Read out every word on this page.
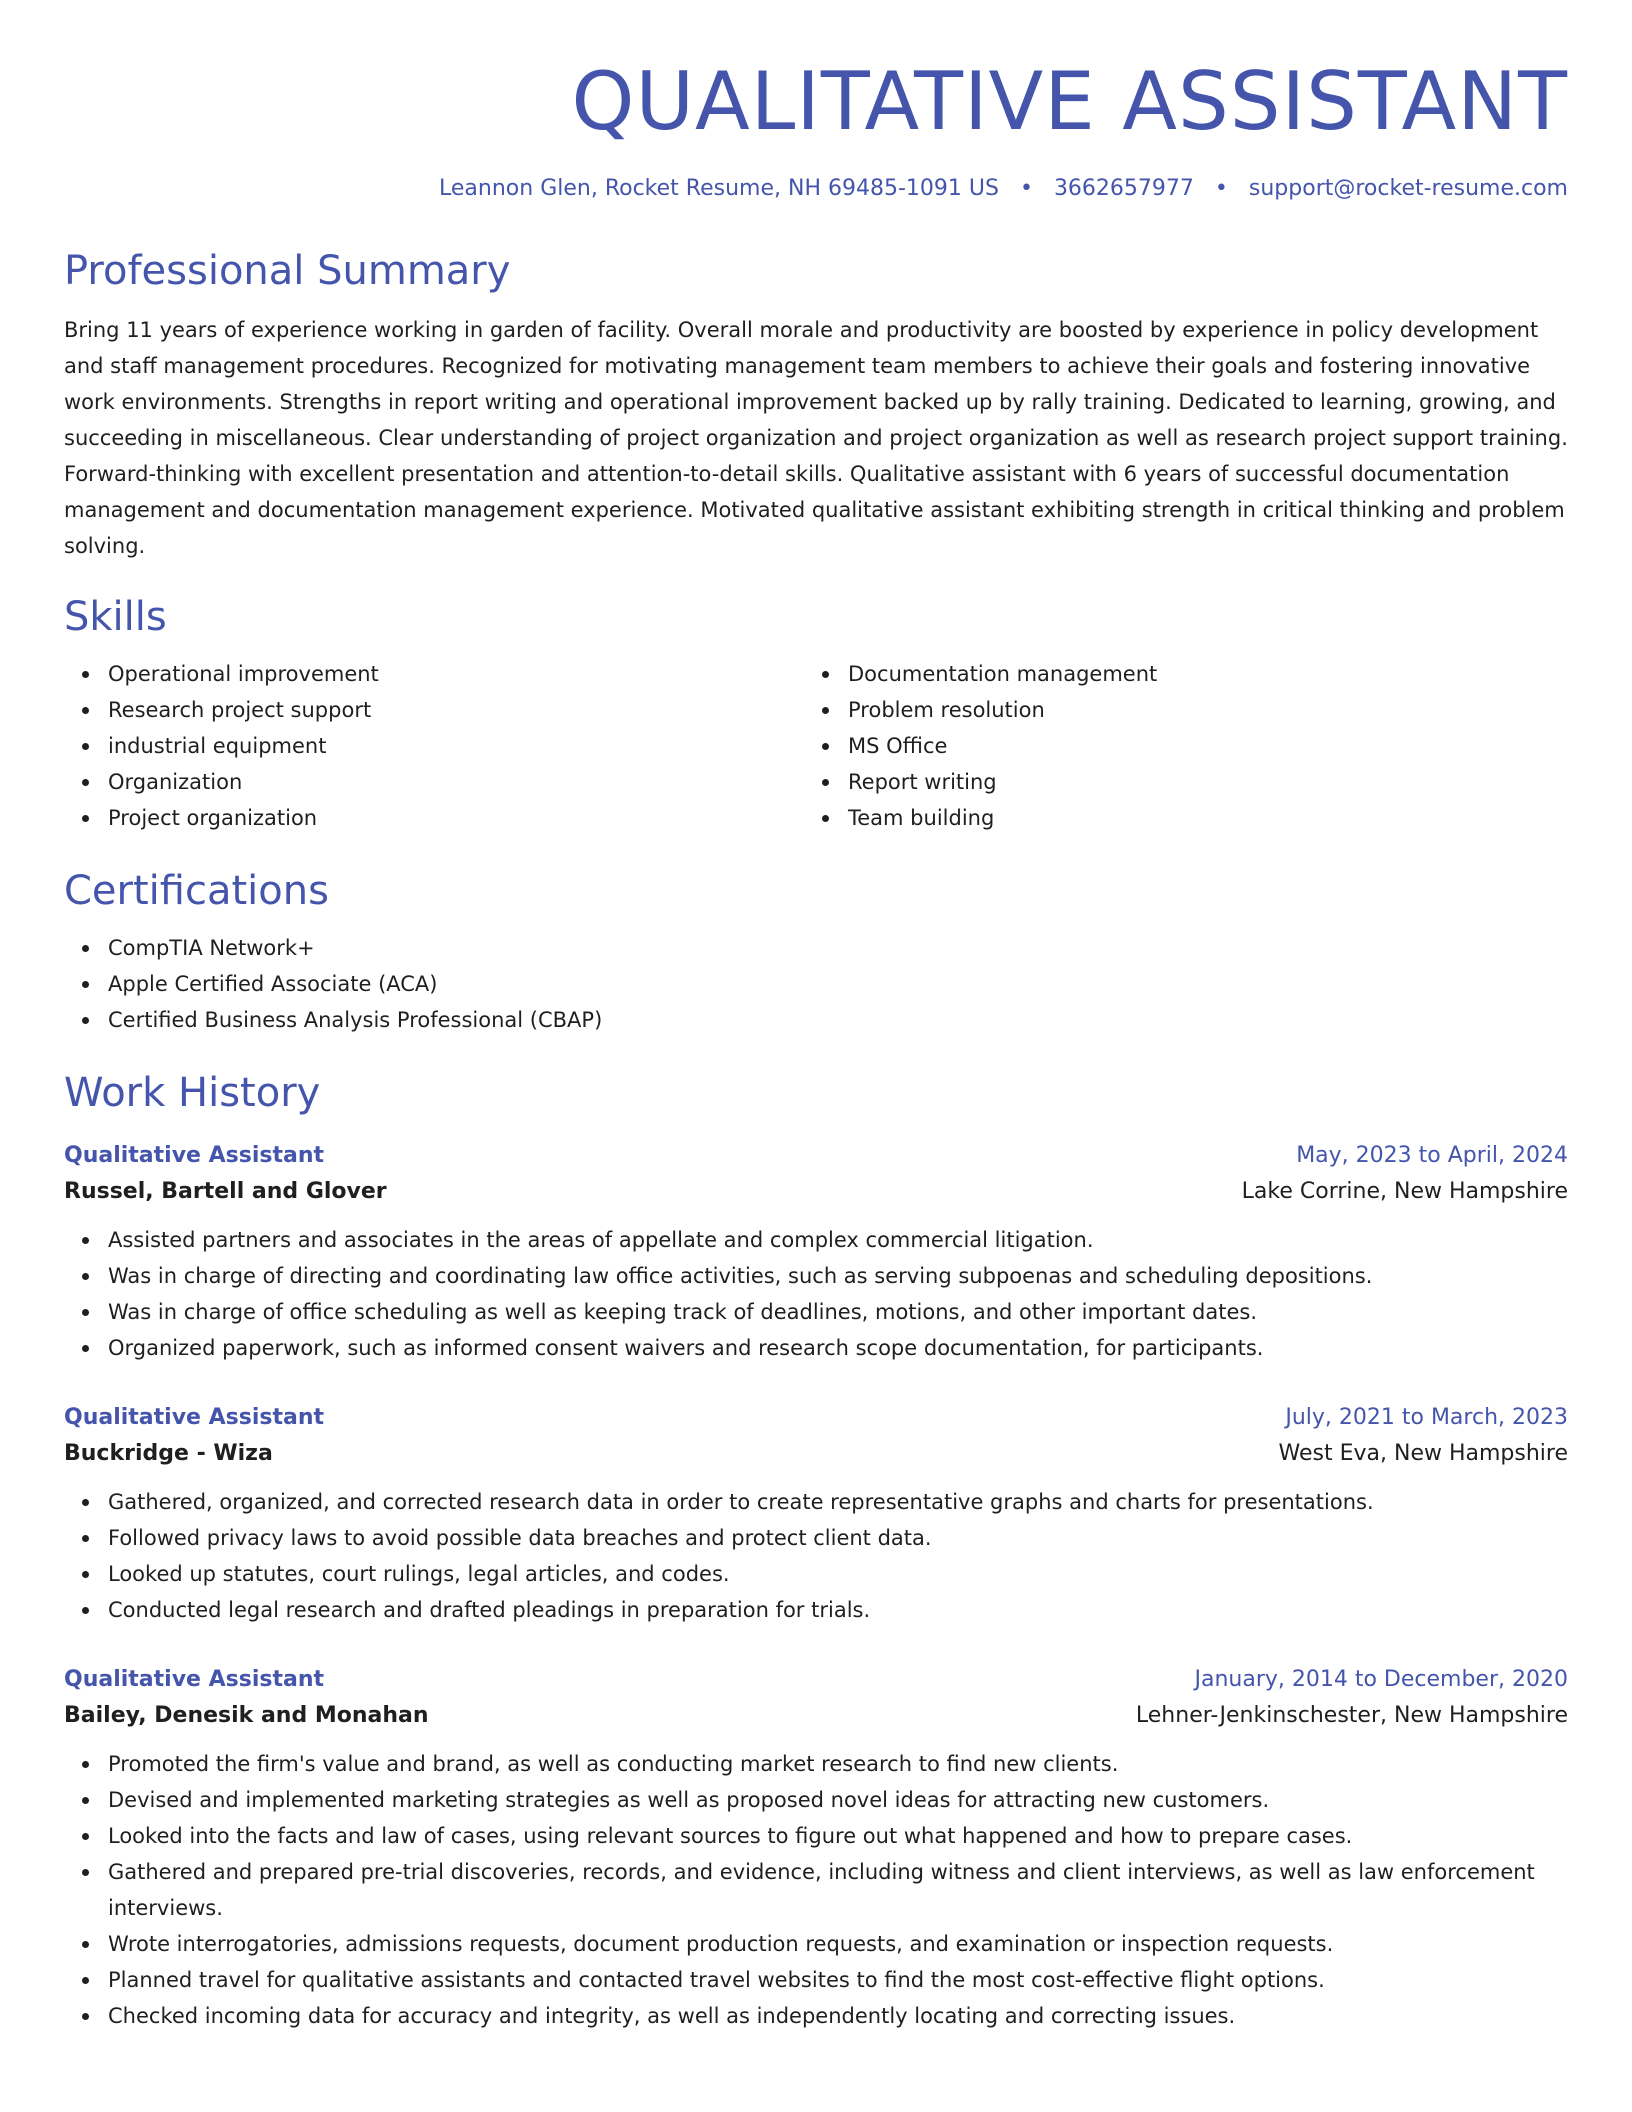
QUALITATIVE ASSISTANT
Leannon Glen, Rocket Resume, NH 69485-1091 US • 3662657977 • support@rocket-resume.com
Professional Summary

Bring 11 years of experience working in garden of facility. Overall morale and productivity are boosted by experience in policy development and staff management procedures. Recognized for motivating management team members to achieve their goals and fostering innovative work environments. Strengths in report writing and operational improvement backed up by rally training. Dedicated to learning, growing, and succeeding in miscellaneous. Clear understanding of project organization and project organization as well as research project support training. Forward-thinking with excellent presentation and attention-to-detail skills. Qualitative assistant with 6 years of successful documentation management and documentation management experience. Motivated qualitative assistant exhibiting strength in critical thinking and problem solving.

Skills
Operational improvement
Research project support
industrial equipment
Organization
Project organization
Documentation management
Problem resolution
MS Office
Report writing
Team building
Certifications
CompTIA Network+
Apple Certified Associate (ACA)
Certified Business Analysis Professional (CBAP)
Work History
Qualitative Assistant	May, 2023 to April, 2024
Russel, Bartell and Glover	Lake Corrine, New Hampshire
Assisted partners and associates in the areas of appellate and complex commercial litigation.
Was in charge of directing and coordinating law office activities, such as serving subpoenas and scheduling depositions.
Was in charge of office scheduling as well as keeping track of deadlines, motions, and other important dates.
Organized paperwork, such as informed consent waivers and research scope documentation, for participants.
Qualitative Assistant	July, 2021 to March, 2023
Buckridge - Wiza	West Eva, New Hampshire
Gathered, organized, and corrected research data in order to create representative graphs and charts for presentations.
Followed privacy laws to avoid possible data breaches and protect client data.
Looked up statutes, court rulings, legal articles, and codes.
Conducted legal research and drafted pleadings in preparation for trials.
Qualitative Assistant	January, 2014 to December, 2020
Bailey, Denesik and Monahan	Lehner-Jenkinschester, New Hampshire
Promoted the firm's value and brand, as well as conducting market research to find new clients.
Devised and implemented marketing strategies as well as proposed novel ideas for attracting new customers.
Looked into the facts and law of cases, using relevant sources to figure out what happened and how to prepare cases.
Gathered and prepared pre-trial discoveries, records, and evidence, including witness and client interviews, as well as law enforcement interviews.
Wrote interrogatories, admissions requests, document production requests, and examination or inspection requests.
Planned travel for qualitative assistants and contacted travel websites to find the most cost-effective flight options.
Checked incoming data for accuracy and integrity, as well as independently locating and correcting issues.
